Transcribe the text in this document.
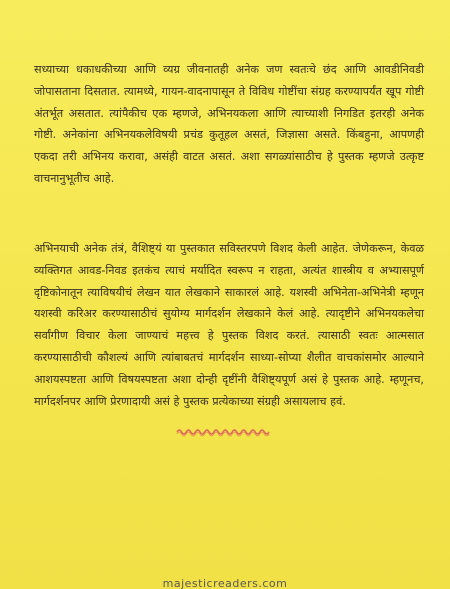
सध्याच्या धकाधकीच्या आणि व्यग्र जीवनातही अनेक जण स्वतःचे छंद आणि आवडीनिवडी जोपासताना दिसतात. त्यामध्ये, गायन-वादनापासून ते विविध गोष्टींचा संग्रह करण्यापर्यंत खूप गोष्टी अंतर्भूत असतात. त्यांपैकीच एक म्हणजे, अभिनयकला आणि त्याच्याशी निगडित इतरही अनेक गोष्टी. अनेकांना अभिनयकलेविषयी प्रचंड कुतूहल असतं, जिज्ञासा असते. किंबहुना, आपणही एकदा तरी अभिनय करावा, असंही वाटत असतं. अशा सगळ्यांसाठीच हे पुस्तक म्हणजे उत्कृष्ट वाचनानुभूतीच आहे.

अभिनयाची अनेक तंत्रं, वैशिष्ट्यं या पुस्तकात सविस्तरपणे विशद केली आहेत. जेणेकरून, केवळ व्यक्तिगत आवड-निवड इतकंच त्याचं मर्यादित स्वरूप न राहता, अत्यंत शास्त्रीय व अभ्यासपूर्ण दृष्टिकोनातून त्याविषयीचं लेखन यात लेखकाने साकारलं आहे. यशस्वी अभिनेता-अभिनेत्री म्हणून यशस्वी करिअर करण्यासाठीचं सुयोग्य मार्गदर्शन लेखकाने केलं आहे. त्यादृष्टीने अभिनयकलेचा सर्वांगीण विचार केला जाण्याचं महत्त्व हे पुस्तक विशद करतं. त्यासाठी स्वतः आत्मसात करण्यासाठीची कौशल्यं आणि त्यांबाबतचं मार्गदर्शन साध्या-सोप्या शैलीत वाचकांसमोर आल्याने आशयस्पष्टता आणि विषयस्पष्टता अशा दोन्ही दृष्टींनी वैशिष्ट्यपूर्ण असं हे पुस्तक आहे. म्हणूनच, मार्गदर्शनपर आणि प्रेरणादायी असं हे पुस्तक प्रत्येकाच्या संग्रही असायलाच हवं.

majesticreaders.com
